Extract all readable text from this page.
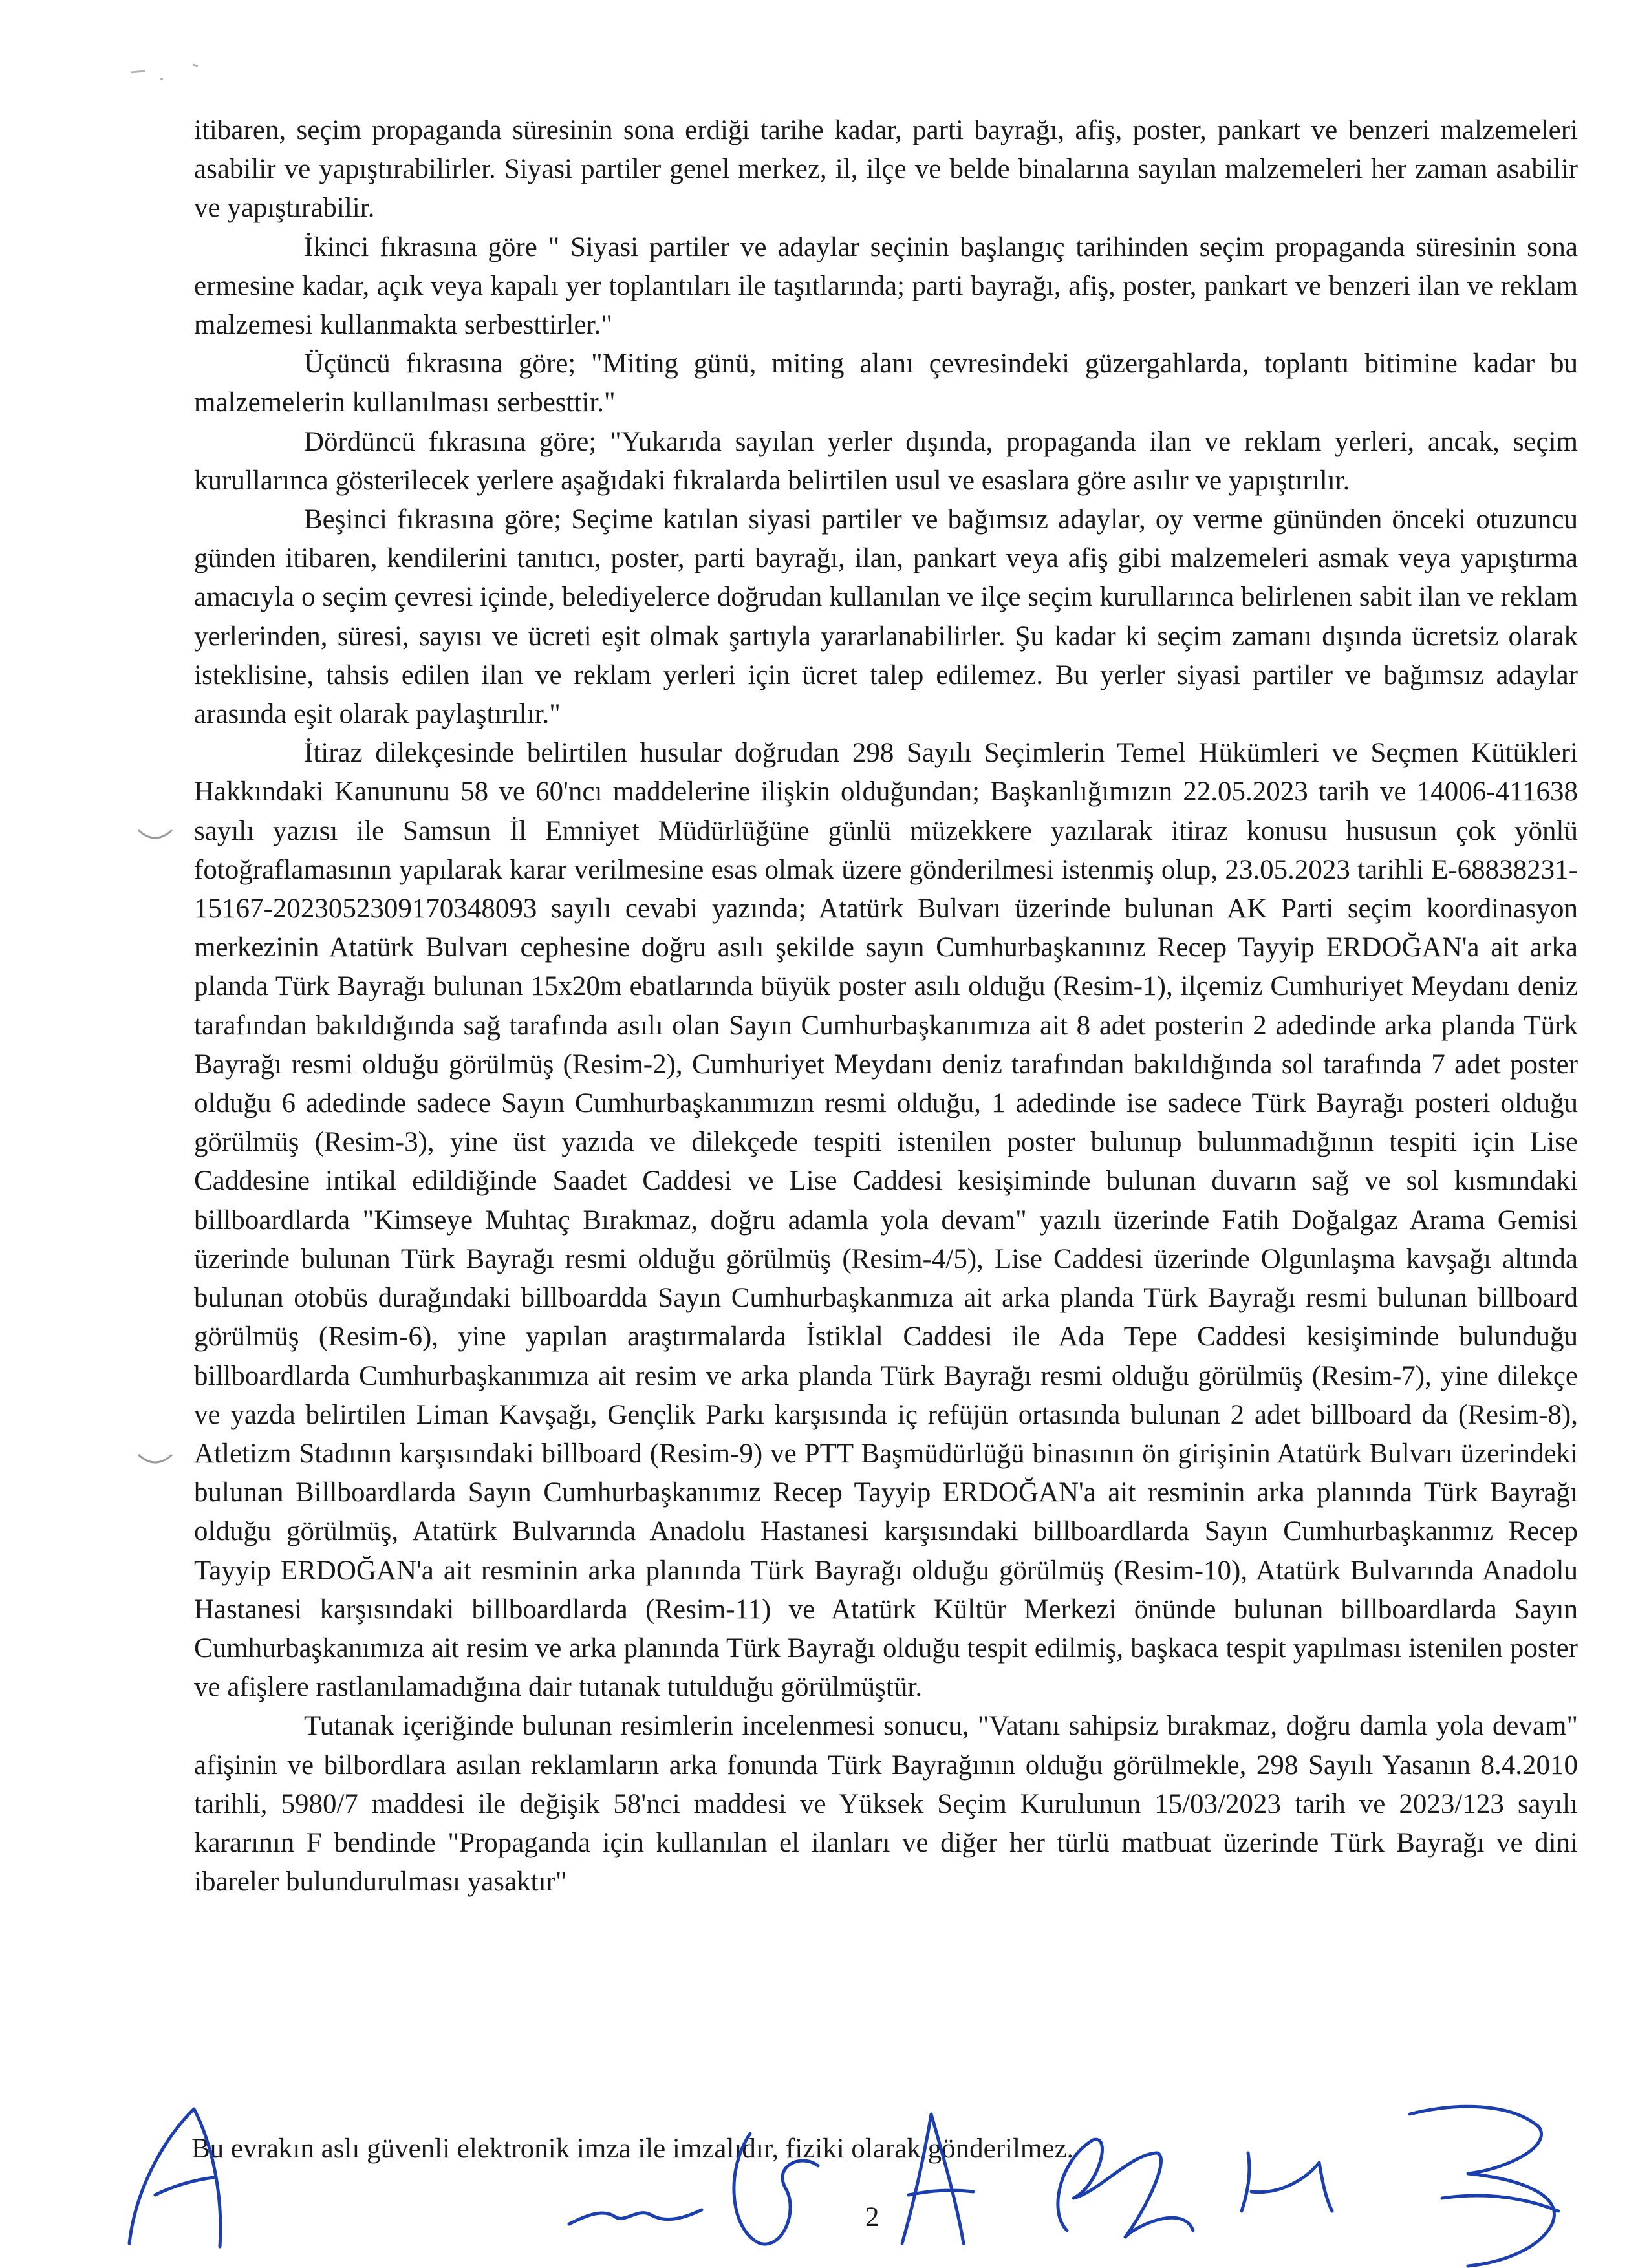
itibaren, seçim propaganda süresinin sona erdiği tarihe kadar, parti bayrağı, afiş, poster, pankart ve benzeri malzemeleri asabilir ve yapıştırabilirler. Siyasi partiler genel merkez, il, ilçe ve belde binalarına sayılan malzemeleri her zaman asabilir ve yapıştırabilir.

İkinci fıkrasına göre " Siyasi partiler ve adaylar seçinin başlangıç tarihinden seçim propaganda süresinin sona ermesine kadar, açık veya kapalı yer toplantıları ile taşıtlarında; parti bayrağı, afiş, poster, pankart ve benzeri ilan ve reklam malzemesi kullanmakta serbesttirler."

Üçüncü fıkrasına göre; "Miting günü, miting alanı çevresindeki güzergahlarda, toplantı bitimine kadar bu malzemelerin kullanılması serbesttir."

Dördüncü fıkrasına göre; "Yukarıda sayılan yerler dışında, propaganda ilan ve reklam yerleri, ancak, seçim kurullarınca gösterilecek yerlere aşağıdaki fıkralarda belirtilen usul ve esaslara göre asılır ve yapıştırılır.

Beşinci fıkrasına göre; Seçime katılan siyasi partiler ve bağımsız adaylar, oy verme gününden önceki otuzuncu günden itibaren, kendilerini tanıtıcı, poster, parti bayrağı, ilan, pankart veya afiş gibi malzemeleri asmak veya yapıştırma amacıyla o seçim çevresi içinde, belediyelerce doğrudan kullanılan ve ilçe seçim kurullarınca belirlenen sabit ilan ve reklam yerlerinden, süresi, sayısı ve ücreti eşit olmak şartıyla yararlanabilirler. Şu kadar ki seçim zamanı dışında ücretsiz olarak isteklisine, tahsis edilen ilan ve reklam yerleri için ücret talep edilemez. Bu yerler siyasi partiler ve bağımsız adaylar arasında eşit olarak paylaştırılır."

İtiraz dilekçesinde belirtilen husular doğrudan 298 Sayılı Seçimlerin Temel Hükümleri ve Seçmen Kütükleri Hakkındaki Kanununu 58 ve 60'ncı maddelerine ilişkin olduğundan; Başkanlığımızın 22.05.2023 tarih ve 14006-411638 sayılı yazısı ile Samsun İl Emniyet Müdürlüğüne günlü müzekkere yazılarak itiraz konusu hususun çok yönlü fotoğraflamasının yapılarak karar verilmesine esas olmak üzere gönderilmesi istenmiş olup, 23.05.2023 tarihli E-68838231-15167-2023052309170348093 sayılı cevabi yazında; Atatürk Bulvarı üzerinde bulunan AK Parti seçim koordinasyon merkezinin Atatürk Bulvarı cephesine doğru asılı şekilde sayın Cumhurbaşkanınız Recep Tayyip ERDOĞAN'a ait arka planda Türk Bayrağı bulunan 15x20m ebatlarında büyük poster asılı olduğu (Resim-1), ilçemiz Cumhuriyet Meydanı deniz tarafından bakıldığında sağ tarafında asılı olan Sayın Cumhurbaşkanımıza ait 8 adet posterin 2 adedinde arka planda Türk Bayrağı resmi olduğu görülmüş (Resim-2), Cumhuriyet Meydanı deniz tarafından bakıldığında sol tarafında 7 adet poster olduğu 6 adedinde sadece Sayın Cumhurbaşkanımızın resmi olduğu, 1 adedinde ise sadece Türk Bayrağı posteri olduğu görülmüş (Resim-3), yine üst yazıda ve dilekçede tespiti istenilen poster bulunup bulunmadığının tespiti için Lise Caddesine intikal edildiğinde Saadet Caddesi ve Lise Caddesi kesişiminde bulunan duvarın sağ ve sol kısmındaki billboardlarda "Kimseye Muhtaç Bırakmaz, doğru adamla yola devam" yazılı üzerinde Fatih Doğalgaz Arama Gemisi üzerinde bulunan Türk Bayrağı resmi olduğu görülmüş (Resim-4/5), Lise Caddesi üzerinde Olgunlaşma kavşağı altında bulunan otobüs durağındaki billboardda Sayın Cumhurbaşkanmıza ait arka planda Türk Bayrağı resmi bulunan billboard görülmüş (Resim-6), yine yapılan araştırmalarda İstiklal Caddesi ile Ada Tepe Caddesi kesişiminde bulunduğu billboardlarda Cumhurbaşkanımıza ait resim ve arka planda Türk Bayrağı resmi olduğu görülmüş (Resim-7), yine dilekçe ve yazda belirtilen Liman Kavşağı, Gençlik Parkı karşısında iç refüjün ortasında bulunan 2 adet billboard da (Resim-8), Atletizm Stadının karşısındaki billboard (Resim-9) ve PTT Başmüdürlüğü binasının ön girişinin Atatürk Bulvarı üzerindeki bulunan Billboardlarda Sayın Cumhurbaşkanımız Recep Tayyip ERDOĞAN'a ait resminin arka planında Türk Bayrağı olduğu görülmüş, Atatürk Bulvarında Anadolu Hastanesi karşısındaki billboardlarda Sayın Cumhurbaşkanmız Recep Tayyip ERDOĞAN'a ait resminin arka planında Türk Bayrağı olduğu görülmüş (Resim-10), Atatürk Bulvarında Anadolu Hastanesi karşısındaki billboardlarda (Resim-11) ve Atatürk Kültür Merkezi önünde bulunan billboardlarda Sayın Cumhurbaşkanımıza ait resim ve arka planında Türk Bayrağı olduğu tespit edilmiş, başkaca tespit yapılması istenilen poster ve afişlere rastlanılamadığına dair tutanak tutulduğu görülmüştür.

Tutanak içeriğinde bulunan resimlerin incelenmesi sonucu, "Vatanı sahipsiz bırakmaz, doğru damla yola devam" afişinin ve bilbordlara asılan reklamların arka fonunda Türk Bayrağının olduğu görülmekle, 298 Sayılı Yasanın 8.4.2010 tarihli, 5980/7 maddesi ile değişik 58'nci maddesi ve Yüksek Seçim Kurulunun 15/03/2023 tarih ve 2023/123 sayılı kararının F bendinde "Propaganda için kullanılan el ilanları ve diğer her türlü matbuat üzerinde Türk Bayrağı ve dini ibareler bulundurulması yasaktır"

Bu evrakın aslı güvenli elektronik imza ile imzalıdır, fiziki olarak gönderilmez.
2
